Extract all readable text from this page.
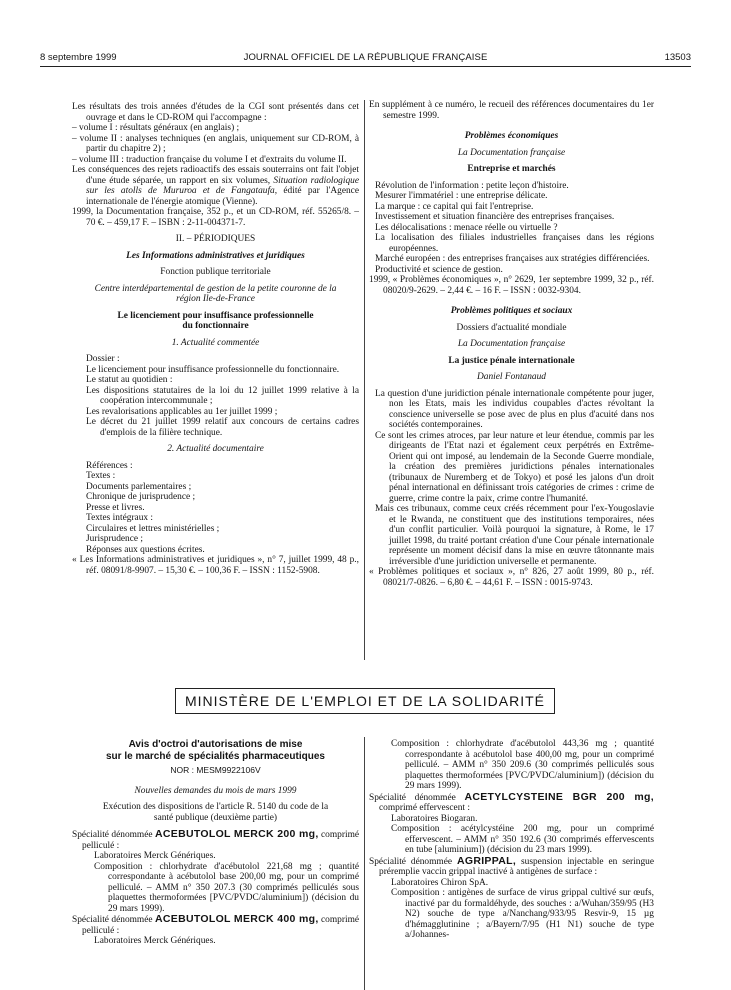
8 septembre 1999	JOURNAL OFFICIEL DE LA RÉPUBLIQUE FRANÇAISE	13503

Les résultats des trois années d'études de la CGI sont présentés dans cet ouvrage et dans le CD-ROM qui l'accompagne :

– volume I : résultats généraux (en anglais) ;

– volume II : analyses techniques (en anglais, uniquement sur CD-ROM, à partir du chapitre 2) ;

– volume III : traduction française du volume I et d'extraits du volume II.

Les conséquences des rejets radioactifs des essais souterrains ont fait l'objet d'une étude séparée, un rapport en six volumes, Situation radiologique sur les atolls de Mururoa et de Fangataufa, édité par l'Agence internationale de l'énergie atomique (Vienne).

1999, la Documentation française, 352 p., et un CD-ROM, réf. 55265/8. – 70 €. – 459,17 F. – ISBN : 2-11-004371-7.

II. – PÉRIODIQUES

Les Informations administratives et juridiques

Fonction publique territoriale

Centre interdépartemental de gestion de la petite couronne de la région Ile-de-France

Le licenciement pour insuffisance professionnelle du fonctionnaire

1. Actualité commentée

Dossier :

Le licenciement pour insuffisance professionnelle du fonctionnaire.

Le statut au quotidien :

Les dispositions statutaires de la loi du 12 juillet 1999 relative à la coopération intercommunale ;

Les revalorisations applicables au 1er juillet 1999 ;

Le décret du 21 juillet 1999 relatif aux concours de certains cadres d'emplois de la filière technique.

2. Actualité documentaire

Références :

Textes :

Documents parlementaires ;

Chronique de jurisprudence ;

Presse et livres.

Textes intégraux :

Circulaires et lettres ministérielles ;

Jurisprudence ;

Réponses aux questions écrites.

« Les Informations administratives et juridiques », n° 7, juillet 1999, 48 p., réf. 08091/8-9907. – 15,30 €. – 100,36 F. – ISSN : 1152-5908.

En supplément à ce numéro, le recueil des références documentaires du 1er semestre 1999.

Problèmes économiques

La Documentation française

Entreprise et marchés

Révolution de l'information : petite leçon d'histoire.

Mesurer l'immatériel : une entreprise délicate.

La marque : ce capital qui fait l'entreprise.

Investissement et situation financière des entreprises françaises.

Les délocalisations : menace réelle ou virtuelle ?

La localisation des filiales industrielles françaises dans les régions européennes.

Marché européen : des entreprises françaises aux stratégies différenciées.

Productivité et science de gestion.

1999, « Problèmes économiques », n° 2629, 1er septembre 1999, 32 p., réf. 08020/9-2629. – 2,44 €. – 16 F. – ISSN : 0032-9304.

Problèmes politiques et sociaux

Dossiers d'actualité mondiale

La Documentation française

La justice pénale internationale

Daniel Fontanaud

La question d'une juridiction pénale internationale compétente pour juger, non les Etats, mais les individus coupables d'actes révoltant la conscience universelle se pose avec de plus en plus d'acuité dans nos sociétés contemporaines.

Ce sont les crimes atroces, par leur nature et leur étendue, commis par les dirigeants de l'Etat nazi et également ceux perpétrés en Extrême-Orient qui ont imposé, au lendemain de la Seconde Guerre mondiale, la création des premières juridictions pénales internationales (tribunaux de Nuremberg et de Tokyo) et posé les jalons d'un droit pénal international en définissant trois catégories de crimes : crime de guerre, crime contre la paix, crime contre l'humanité.

Mais ces tribunaux, comme ceux créés récemment pour l'ex-Yougoslavie et le Rwanda, ne constituent que des institutions temporaires, nées d'un conflit particulier. Voilà pourquoi la signature, à Rome, le 17 juillet 1998, du traité portant création d'une Cour pénale internationale représente un moment décisif dans la mise en œuvre tâtonnante mais irréversible d'une juridiction universelle et permanente.

« Problèmes politiques et sociaux », n° 826, 27 août 1999, 80 p., réf. 08021/7-0826. – 6,80 €. – 44,61 F. – ISSN : 0015-9743.

MINISTÈRE DE L'EMPLOI ET DE LA SOLIDARITÉ

Avis d'octroi d'autorisations de mise

sur le marché de spécialités pharmaceutiques

NOR : MESM9922106V

Nouvelles demandes du mois de mars 1999

Exécution des dispositions de l'article R. 5140 du code de la santé publique (deuxième partie)

Spécialité dénommée ACEBUTOLOL MERCK 200 mg, comprimé pelliculé :

Laboratoires Merck Génériques.

Composition : chlorhydrate d'acébutolol 221,68 mg ; quantité correspondante à acébutolol base 200,00 mg, pour un comprimé pelliculé. – AMM n° 350 207.3 (30 comprimés pelliculés sous plaquettes thermoformées [PVC/PVDC/aluminium]) (décision du 29 mars 1999).

Spécialité dénommée ACEBUTOLOL MERCK 400 mg, comprimé pelliculé :

Laboratoires Merck Génériques.

Composition : chlorhydrate d'acébutolol 443,36 mg ; quantité correspondante à acébutolol base 400,00 mg, pour un comprimé pelliculé. – AMM n° 350 209.6 (30 comprimés pelliculés sous plaquettes thermoformées [PVC/PVDC/aluminium]) (décision du 29 mars 1999).

Spécialité dénommée ACETYLCYSTEINE BGR 200 mg, comprimé effervescent :

Laboratoires Biogaran.

Composition : acétylcystéine 200 mg, pour un comprimé effervescent. – AMM n° 350 192.6 (30 comprimés effervescents en tube [aluminium]) (décision du 23 mars 1999).

Spécialité dénommée AGRIPPAL, suspension injectable en seringue préremplie vaccin grippal inactivé à antigènes de surface :

Laboratoires Chiron SpA.

Composition : antigènes de surface de virus grippal cultivé sur œufs, inactivé par du formaldéhyde, des souches : a/Wuhan/359/95 (H3 N2) souche de type a/Nanchang/933/95 Resvir-9, 15 µg d'hémagglutinine ; a/Bayern/7/95 (H1 N1) souche de type a/Johannes-
